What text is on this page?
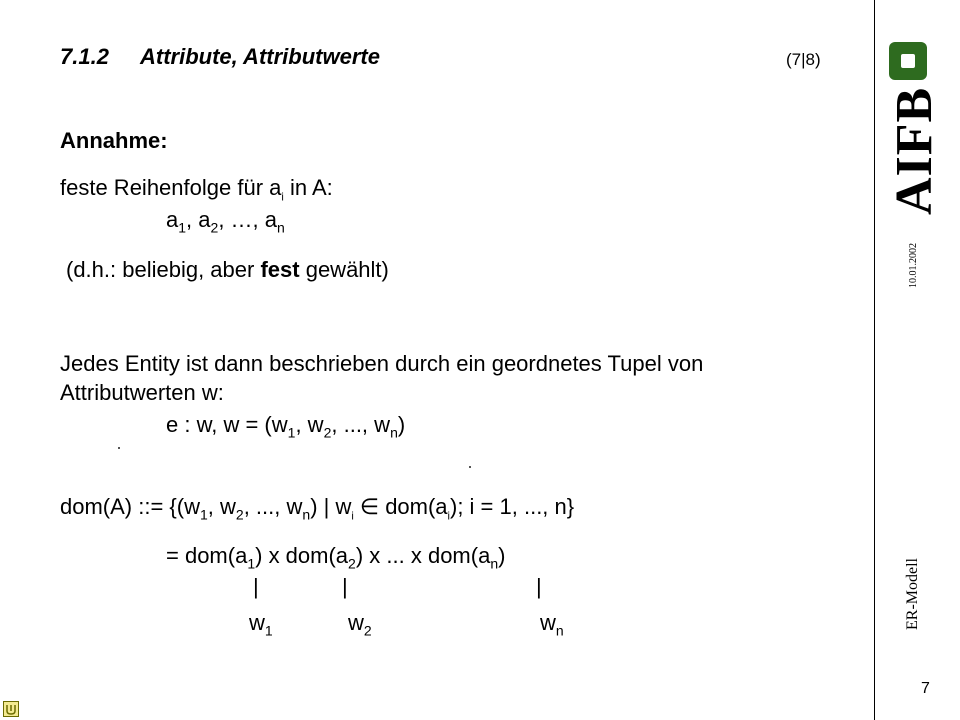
7.1.2 Attribute, Attributwerte	(7|8)
Annahme:
feste Reihenfolge für $a_i$ in A:
$a_1$, $a_2$, …, $a_n$
(d.h.: beliebig, aber fest gewählt)
Jedes Entity ist dann beschrieben durch ein geordnetes Tupel von
Attributwerten w:
e : w, $w = (w_1$, $w_2$, ..., $w_n$)
dom(A) ::= {($w_1$, $w_2$, ..., $w_n$) | $w_i$ ∈ $dom(a_i)$; i = 1, ..., n}
= $dom(a_1)$ x $dom(a_2)$ x ... x $dom(a_n)$
|	|	|
$w_1$	$w_2$	$w_n$
AIFB
10.01.2002
ER-Modell
7
